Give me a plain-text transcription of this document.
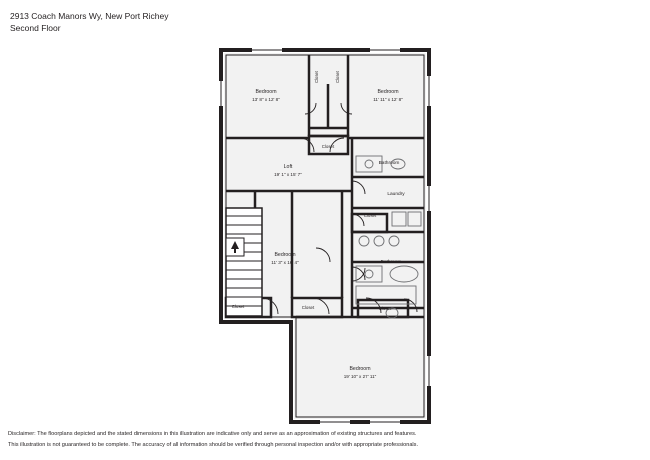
2913 Coach Manors Wy, New Port Richey
Second Floor
Bedroom
13' 8" x 12' 8"
Bedroom
11' 11" x 12' 8"
Loft
19' 1" x 15' 7"
Bathroom
Laundry
Closet
Bedroom
11' 3" x 16' 4"	Bathroom
Closet	Closet	Closet
Closet	Closet
Closet
Bedroom
19' 10" x 27' 11"
Disclaimer: The floorplans depicted and the stated dimensions in this illustration are indicative only and serve as an approximation of existing structures and features.
This illustration is not guaranteed to be complete. The accuracy of all information should be verified through personal inspection and/or with appropriate professionals.
